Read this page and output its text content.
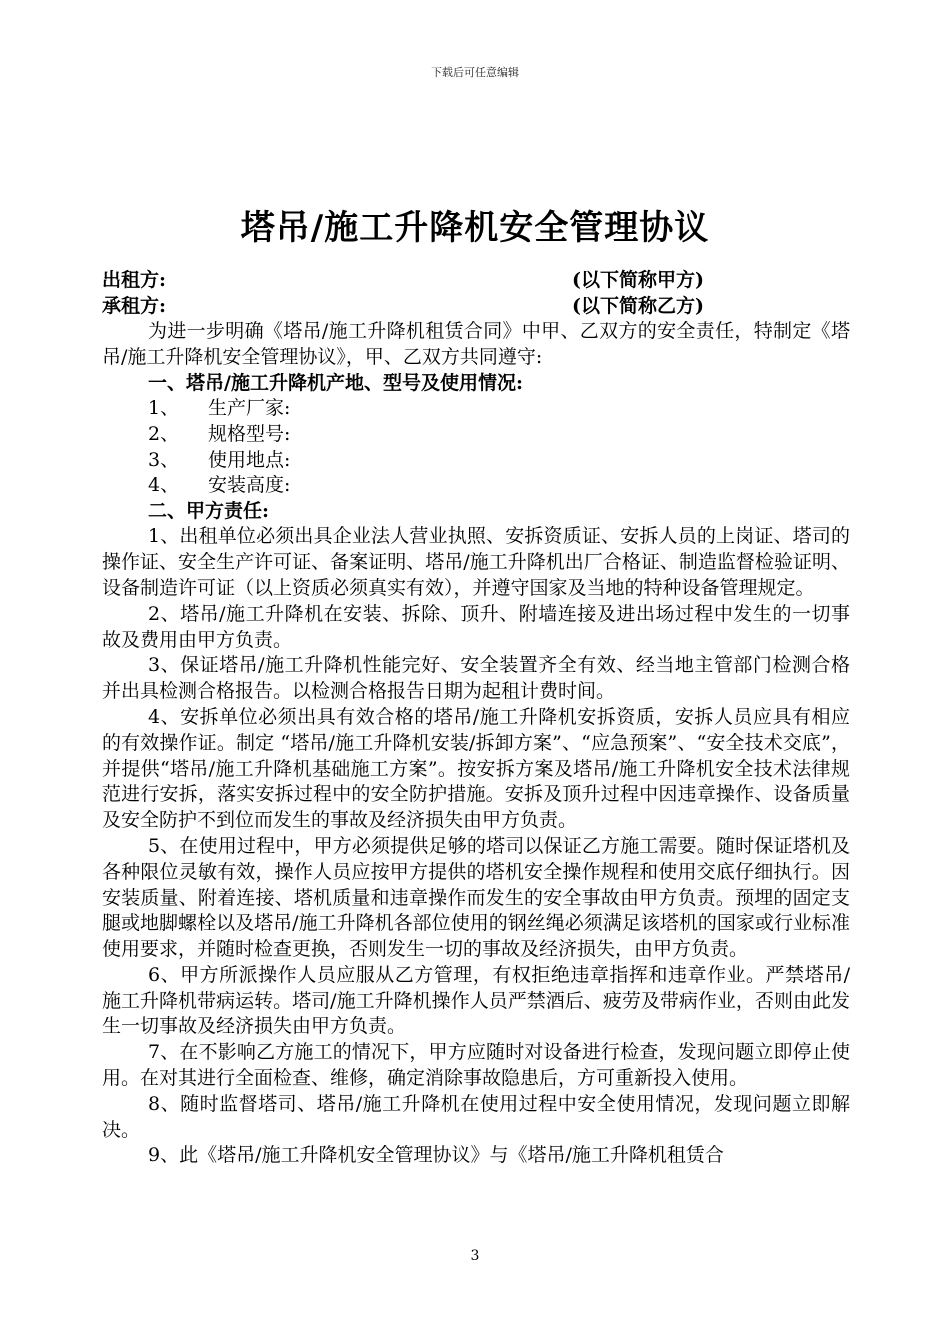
下载后可任意编辑
塔吊/施工升降机安全管理协议
出租方:	(以下简称甲方)
承租方:	(以下简称乙方)
为进一步明确《塔吊/施工升降机租赁合同》中甲、乙双方的安全责任，特制定《塔吊/施工升降机安全管理协议》，甲、乙双方共同遵守:
一、塔吊/施工升降机产地、型号及使用情况:
1、 生产厂家:
2、 规格型号:
3、 使用地点:
4、 安装高度:
二、甲方责任:
1、出租单位必须出具企业法人营业执照、安拆资质证、安拆人员的上岗证、塔司的操作证、安全生产许可证、备案证明、塔吊/施工升降机出厂合格证、制造监督检验证明、设备制造许可证（以上资质必须真实有效），并遵守国家及当地的特种设备管理规定。
2、塔吊/施工升降机在安装、拆除、顶升、附墙连接及进出场过程中发生的一切事故及费用由甲方负责。
3、保证塔吊/施工升降机性能完好、安全装置齐全有效、经当地主管部门检测合格并出具检测合格报告。以检测合格报告日期为起租计费时间。
4、安拆单位必须出具有效合格的塔吊/施工升降机安拆资质，安拆人员应具有相应的有效操作证。制定 “塔吊/施工升降机安装/拆卸方案”、“应急预案”、“安全技术交底”，并提供“塔吊/施工升降机基础施工方案”。按安拆方案及塔吊/施工升降机安全技术法律规范进行安拆，落实安拆过程中的安全防护措施。安拆及顶升过程中因违章操作、设备质量及安全防护不到位而发生的事故及经济损失由甲方负责。
5、在使用过程中，甲方必须提供足够的塔司以保证乙方施工需要。随时保证塔机及各种限位灵敏有效，操作人员应按甲方提供的塔机安全操作规程和使用交底仔细执行。因安装质量、附着连接、塔机质量和违章操作而发生的安全事故由甲方负责。预埋的固定支腿或地脚螺栓以及塔吊/施工升降机各部位使用的钢丝绳必须满足该塔机的国家或行业标准使用要求，并随时检查更换，否则发生一切的事故及经济损失，由甲方负责。
6、甲方所派操作人员应服从乙方管理，有权拒绝违章指挥和违章作业。严禁塔吊/施工升降机带病运转。塔司/施工升降机操作人员严禁酒后、疲劳及带病作业，否则由此发生一切事故及经济损失由甲方负责。
7、在不影响乙方施工的情况下，甲方应随时对设备进行检查，发现问题立即停止使用。在对其进行全面检查、维修，确定消除事故隐患后，方可重新投入使用。
8、随时监督塔司、塔吊/施工升降机在使用过程中安全使用情况，发现问题立即解决。
9、此《塔吊/施工升降机安全管理协议》与《塔吊/施工升降机租赁合
3
